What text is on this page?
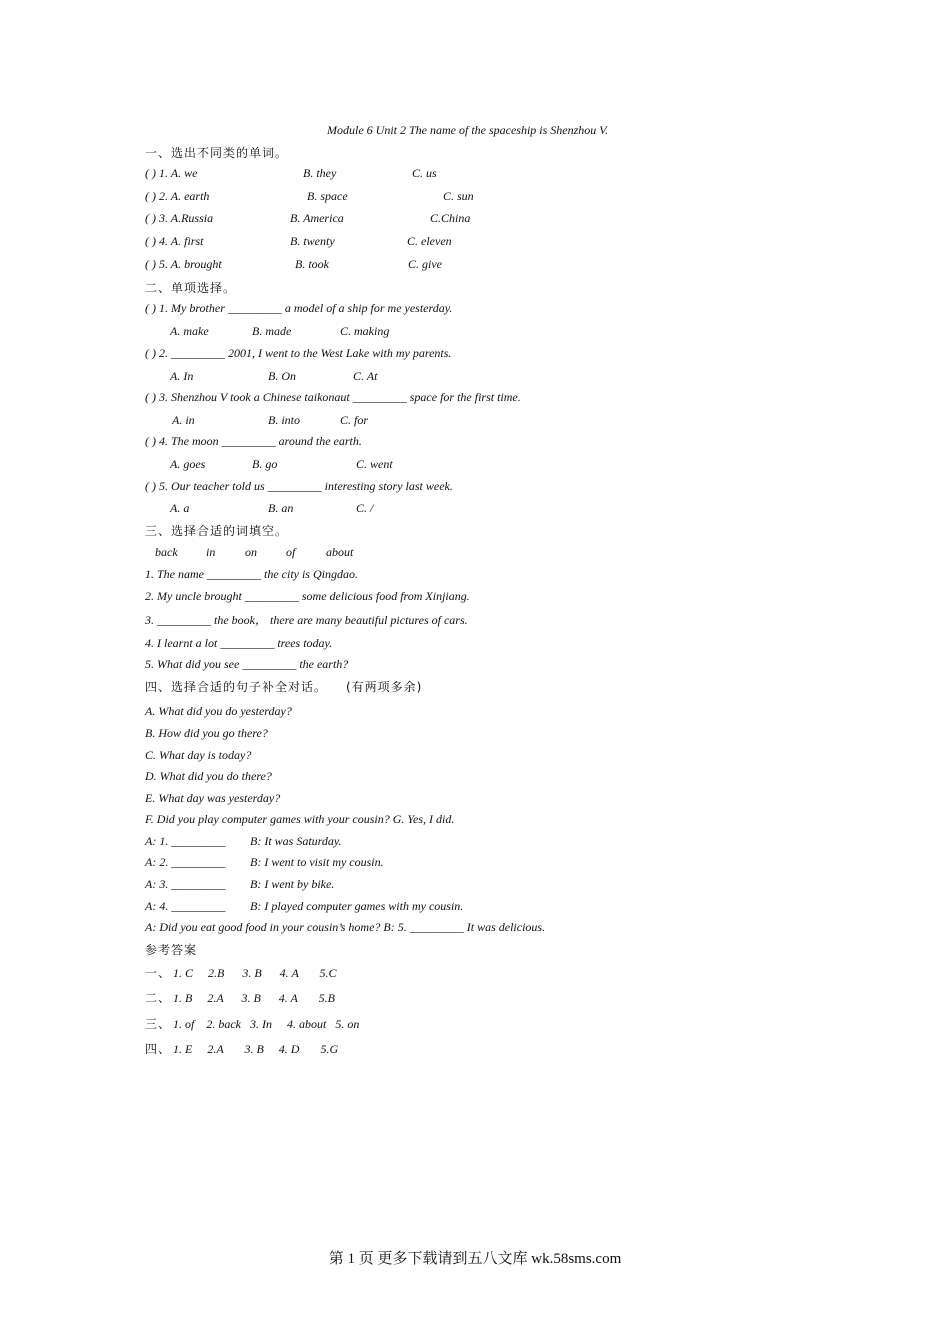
Module 6 Unit 2 The name of the spaceship is Shenzhou V.
一、选出不同类的单词。
( ) 1. A. we	B. they	C. us
( ) 2. A. earth	B. space	C. sun
( ) 3. A.Russia	B. America	C.China
( ) 4. A. first	B. twenty	C. eleven
( ) 5. A. brought	B. took	C. give
二、单项选择。
( ) 1. My brother _________ a model of a ship for me yesterday.
A. make	B. made	C. making
( ) 2. _________ 2001, I went to the West Lake with my parents.
A. In	B. On	C. At
( ) 3. Shenzhou V took a Chinese taikonaut _________ space for the first time.
A. in	B. into	C. for
( ) 4. The moon _________ around the earth.
A. goes	B. go	C. went
( ) 5. Our teacher told us _________ interesting story last week.
A. a	B. an	C. /
三、选择合适的词填空。
back in on of	about
1. The name _________ the city is Qingdao.
2. My uncle brought _________ some delicious food from Xinjiang.
3. _________ the book， there are many beautiful pictures of cars.
4. I learnt a lot _________ trees today.
5. What did you see _________ the earth?
四、选择合适的句子补全对话。 (有两项多余)
A. What did you do yesterday?
B. How did you go there?
C. What day is today?
D. What did you do there?
E. What day was yesterday?
F. Did you play computer games with your cousin? G. Yes, I did.
A: 1. _________ B: It was Saturday.
A: 2. _________ B: I went to visit my cousin.
A: 3. _________ B: I went by bike.
A: 4. _________ B: I played computer games with my cousin.
A: Did you eat good food in your cousin’s home? B: 5. _________ It was delicious.
参考答案
一、 1. C     2.B      3. B      4. A       5.C
二、 1. B     2.A      3. B      4. A       5.B
三、 1. of    2. back   3. In     4. about   5. on
四、 1. E     2.A       3. B     4. D       5.G
第 1 页 更多下载请到五八文库 wk.58sms.com
